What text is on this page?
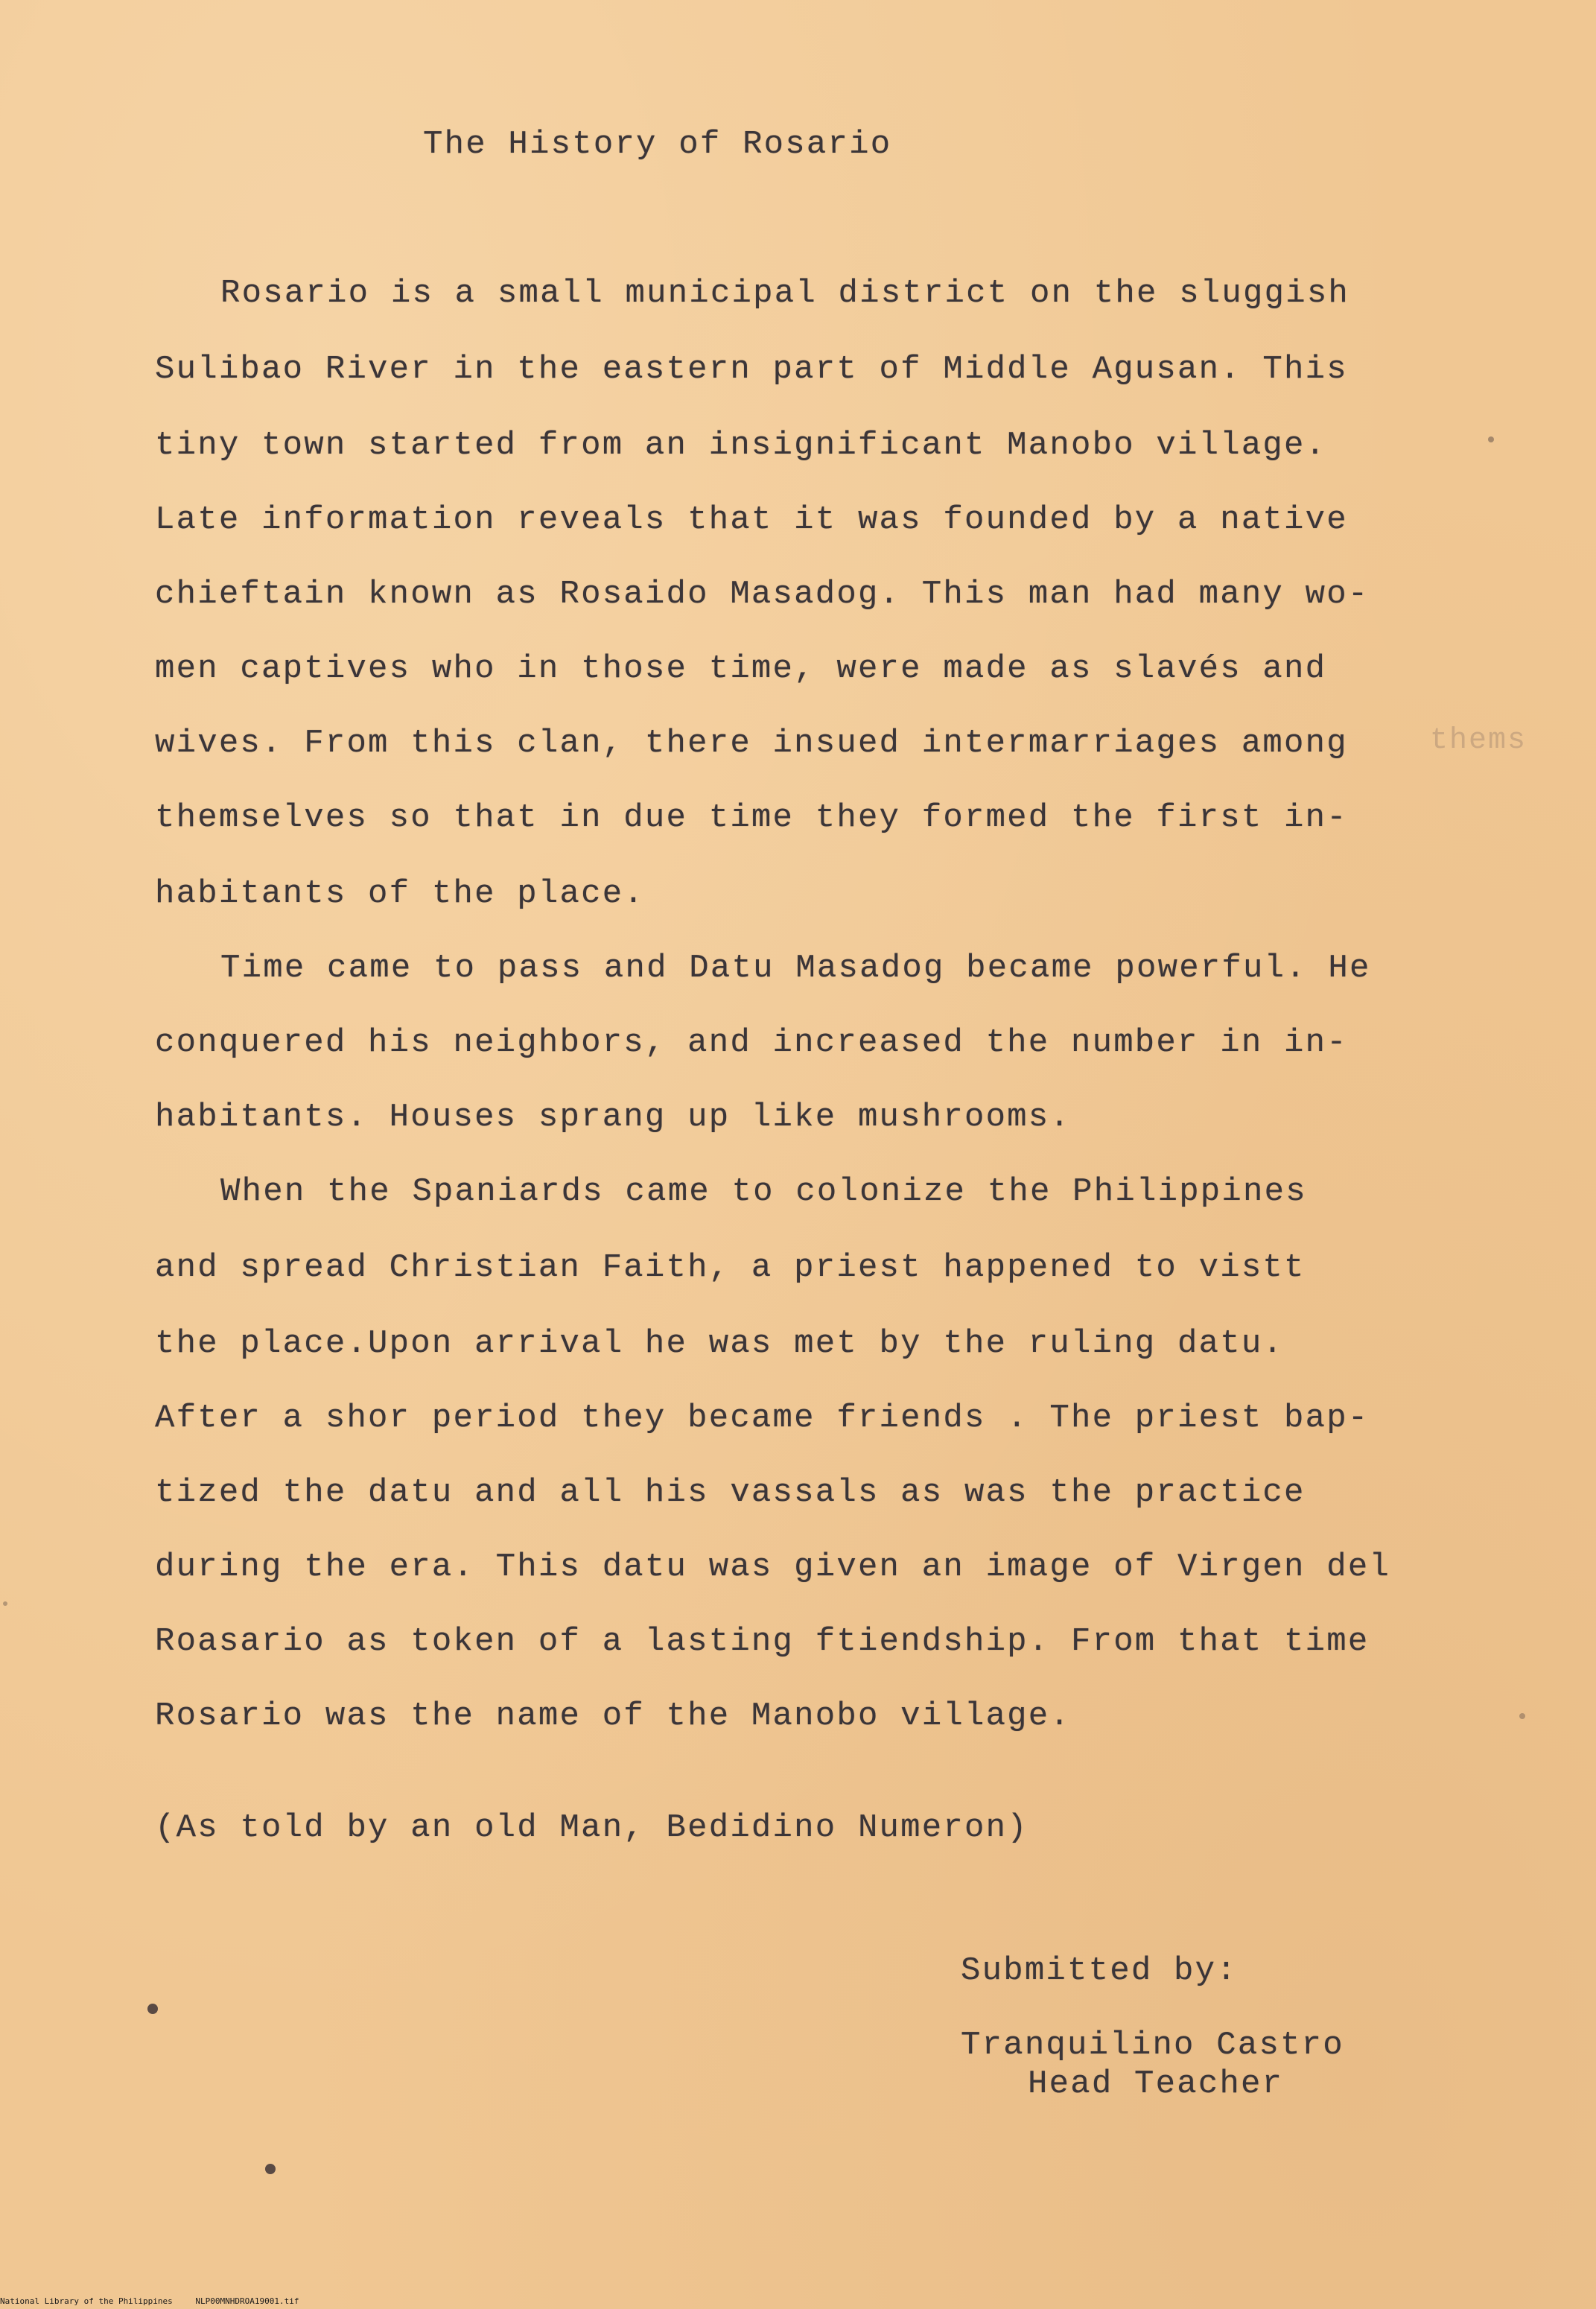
The History of Rosario
Rosario is a small municipal district on the sluggish
Sulibao River in the eastern part of Middle Agusan. This
tiny town started from an insignificant Manobo village.
Late information reveals that it was founded by a native
chieftain known as Rosaido Masadog. This man had many wo-
men captives who in those time, were made as slavés and
wives. From this clan, there insued intermarriages among	thems
themselves so that in due time they formed the first in-
habitants of the place.
Time came to pass and Datu Masadog became powerful. He
conquered his neighbors, and increased the number in in-
habitants. Houses sprang up like mushrooms.
When the Spaniards came to colonize the Philippines
and spread Christian Faith, a priest happened to vistt
the place.Upon arrival he was met by the ruling datu.
After a shor period they became friends . The priest bap-
tized the datu and all his vassals as was the practice
during the era. This datu was given an image of Virgen del
Roasario as token of a lasting ftiendship. From that time
Rosario was the name of the Manobo village.
(As told by an old Man, Bedidino Numeron)
Submitted by:
Tranquilino Castro
Head Teacher
National Library of the Philippines	NLP00MNHDROA19001.tif
